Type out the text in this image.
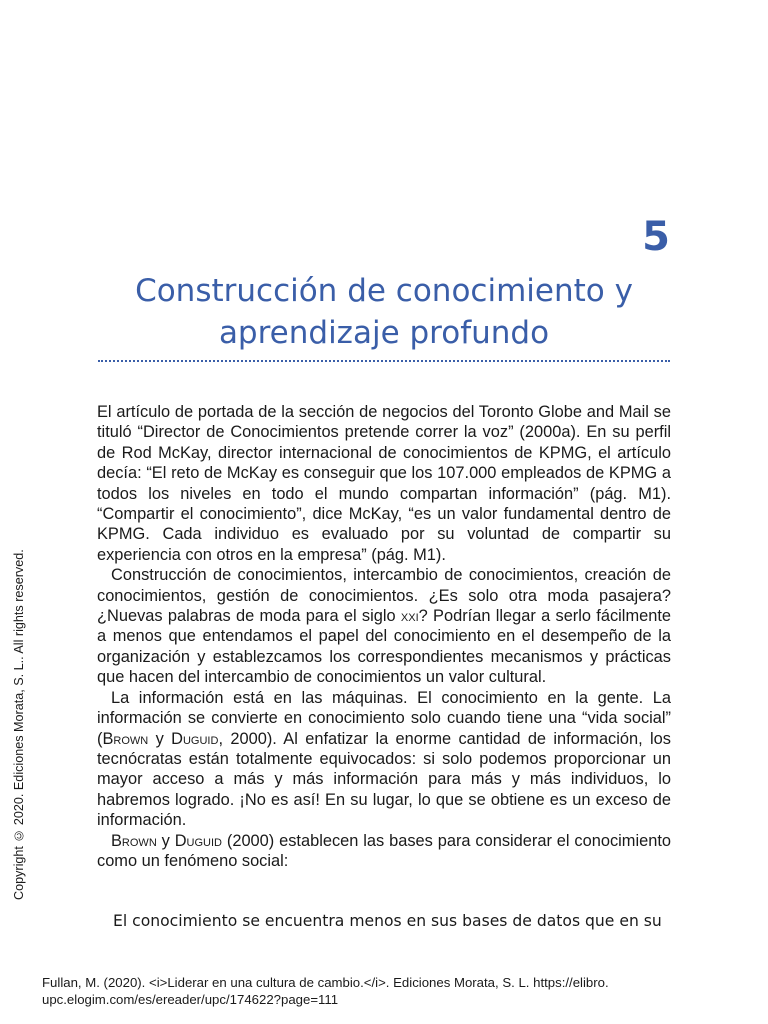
5
Construcción de conocimiento y
aprendizaje profundo

El artículo de portada de la sección de negocios del Toronto Globe and Mail se tituló “Director de Conocimientos pretende correr la voz” (2000a). En su perfil de Rod McKay, director internacional de conocimientos de KPMG, el artículo decía: “El reto de McKay es conseguir que los 107.000 empleados de KPMG a todos los niveles en todo el mundo compartan información” (pág. M1). “Compartir el conocimiento”, dice McKay, “es un valor fundamental dentro de KPMG. Cada individuo es evaluado por su voluntad de compartir su experiencia con otros en la empresa” (pág. M1).

Construcción de conocimientos, intercambio de conocimientos, creación de conocimientos, gestión de conocimientos. ¿Es solo otra moda pasajera? ¿Nuevas palabras de moda para el siglo xxi? Podrían llegar a serlo fácilmente a menos que entendamos el papel del conocimiento en el desempeño de la organización y establezcamos los correspondientes mecanismos y prácticas que hacen del intercambio de conocimientos un valor cultural.

La información está en las máquinas. El conocimiento en la gente. La información se convierte en conocimiento solo cuando tiene una “vida social” (Brown y Duguid, 2000). Al enfatizar la enorme cantidad de información, los tecnócratas están totalmente equivocados: si solo podemos proporcionar un mayor acceso a más y más información para más y más individuos, lo habremos logrado. ¡No es así! En su lugar, lo que se obtiene es un exceso de información.

Brown y Duguid (2000) establecen las bases para considerar el conocimiento como un fenómeno social:

El conocimiento se encuentra menos en sus bases de datos que en su
Copyright © 2020. Ediciones Morata, S. L.. All rights reserved.
Fullan, M. (2020). <i>Liderar en una cultura de cambio.</i>. Ediciones Morata, S. L. https://elibro.
upc.elogim.com/es/ereader/upc/174622?page=111
